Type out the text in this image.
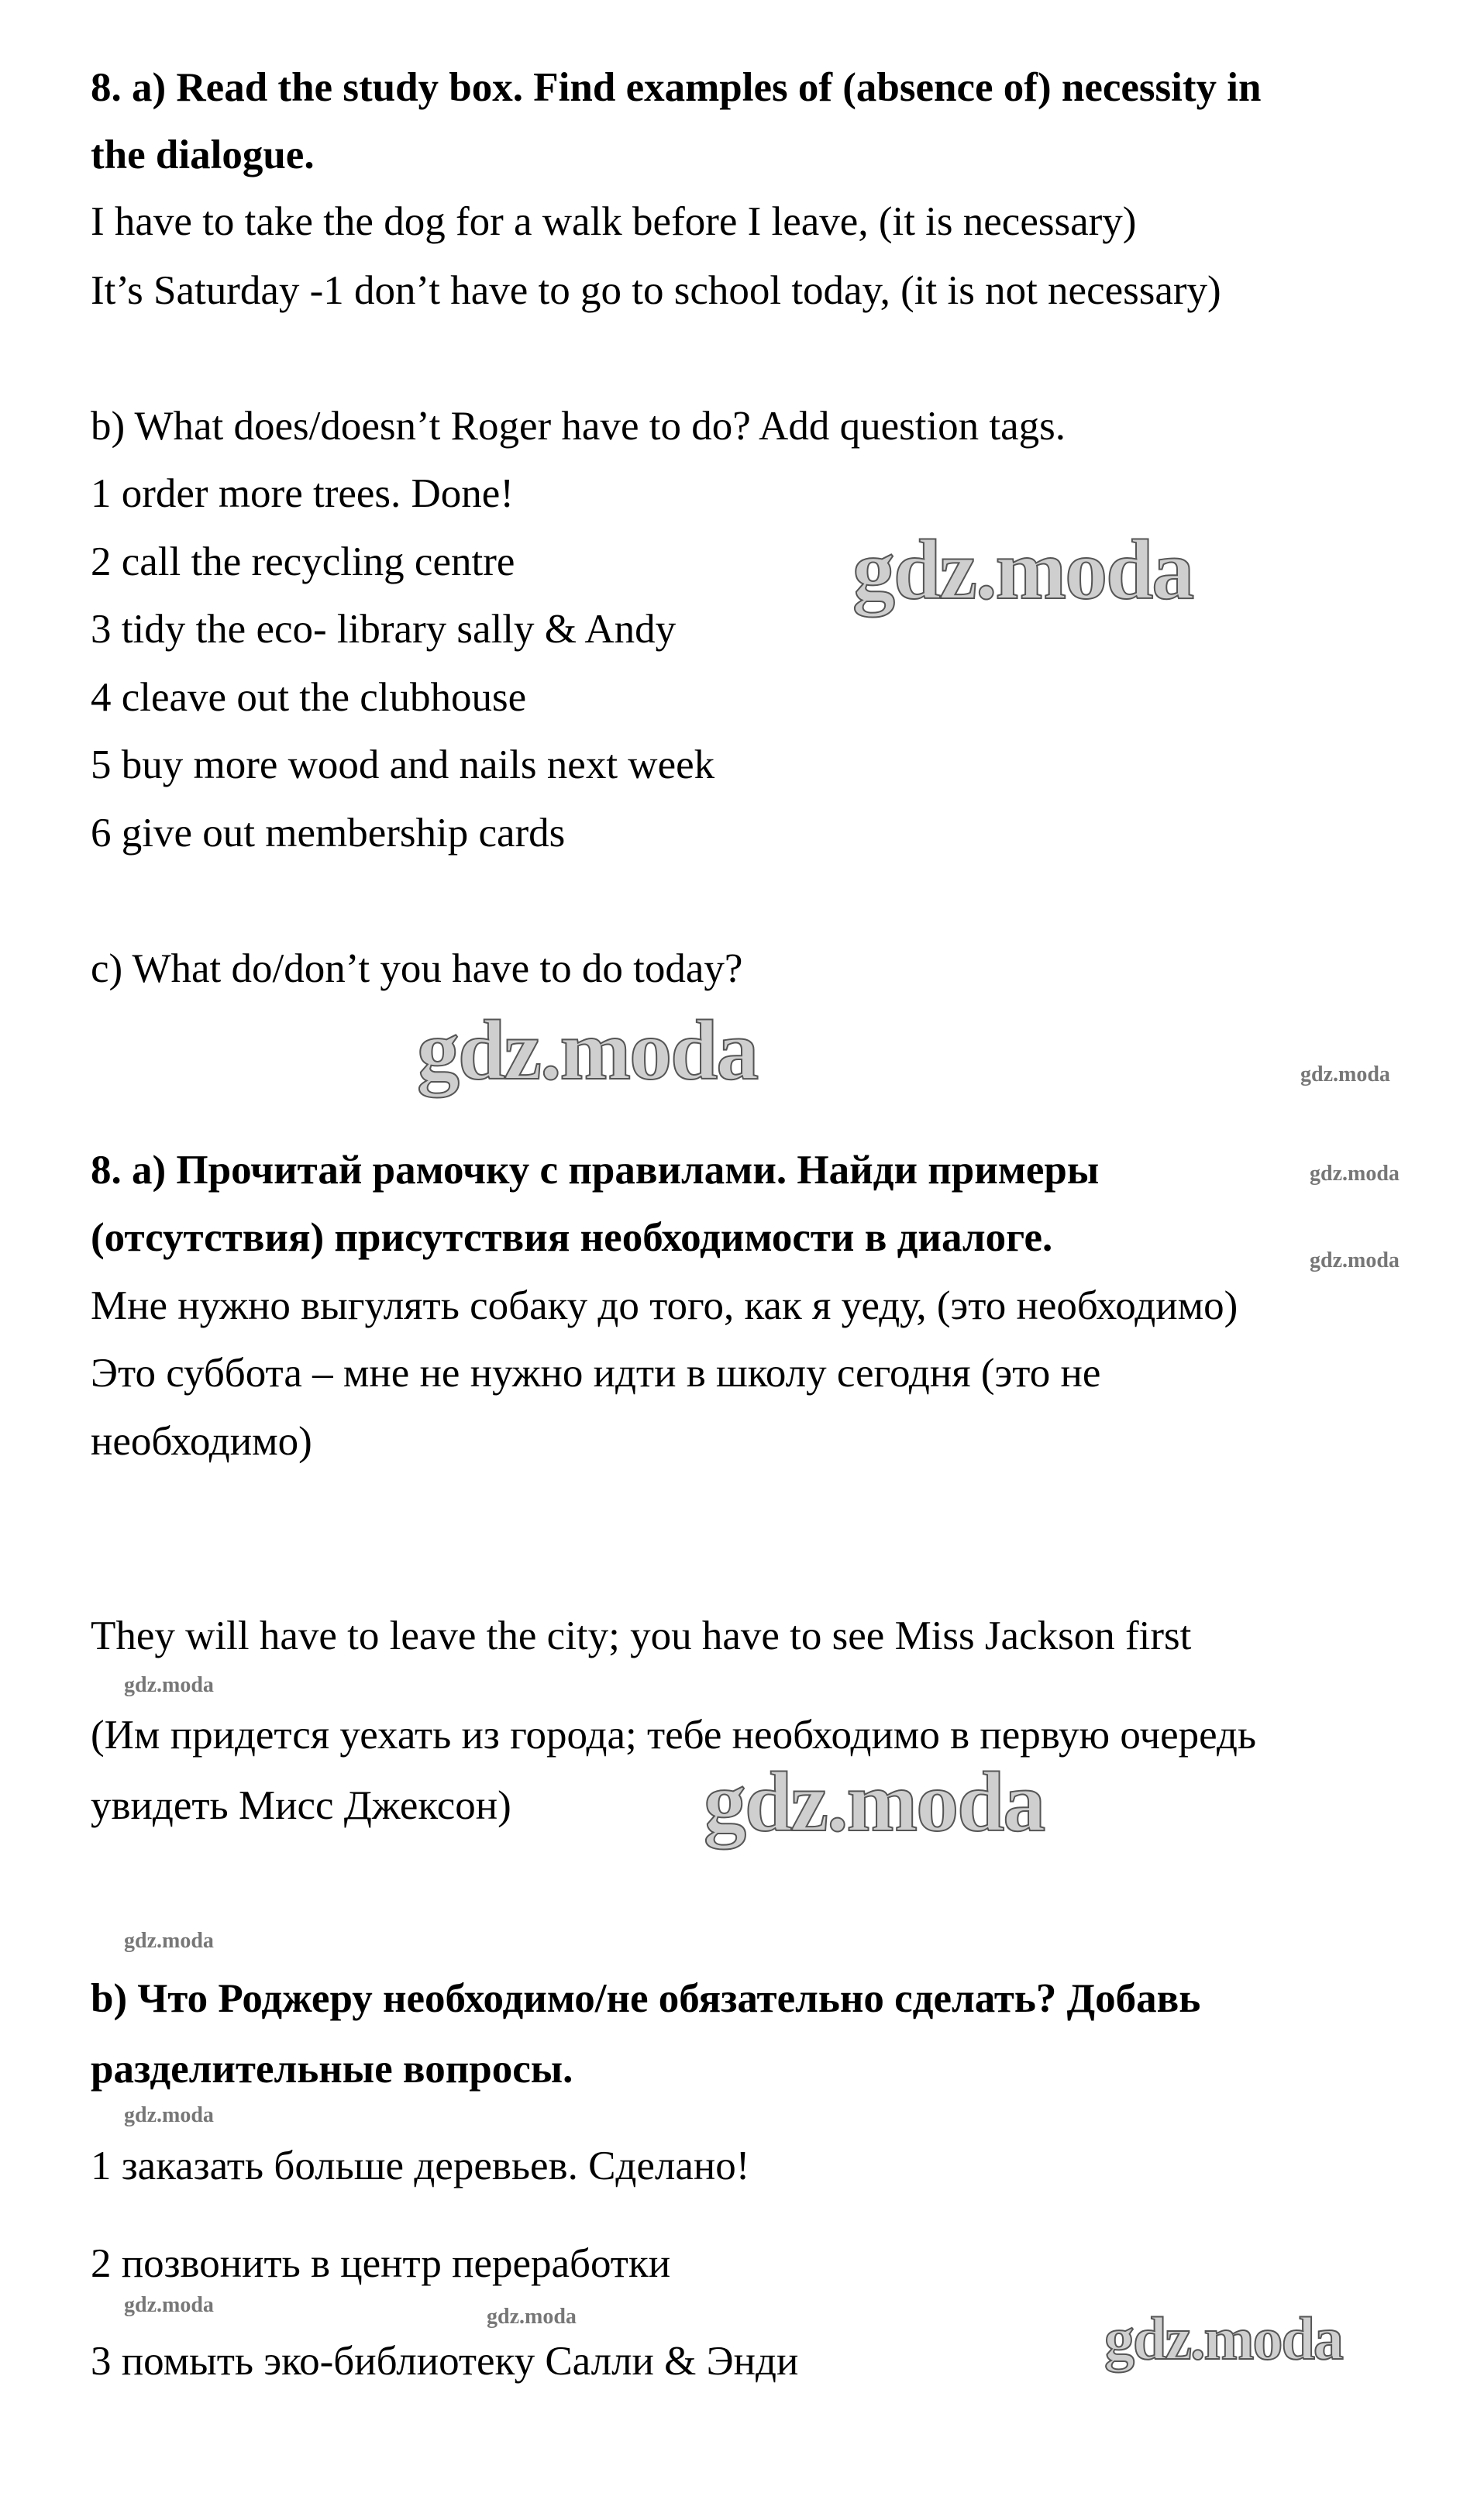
8. a) Read the study box. Find examples of (absence of) necessity in
the dialogue.
I have to take the dog for a walk before I leave, (it is necessary)
It’s Saturday -1 don’t have to go to school today, (it is not necessary)
b) What does/doesn’t Roger have to do? Add question tags.
1 order more trees. Done!
2 call the recycling centre
3 tidy the eco- library sally & Andy
4 cleave out the clubhouse
5 buy more wood and nails next week
6 give out membership cards
c) What do/don’t you have to do today?
8. а) Прочитай рамочку с правилами. Найди примеры
(отсутствия) присутствия необходимости в диалоге.
Мне нужно выгулять собаку до того, как я уеду, (это необходимо)
Это суббота – мне не нужно идти в школу сегодня (это не
необходимо)
They will have to leave the city; you have to see Miss Jackson first
(Им придется уехать из города; тебе необходимо в первую очередь
увидеть Мисс Джексон)
b) Что Роджеру необходимо/не обязательно сделать? Добавь
разделительные вопросы.
1 заказать больше деревьев. Сделано!
2 позвонить в центр переработки
3 помыть эко-библиотеку Салли & Энди
gdz.moda
gdz.moda
gdz.moda
gdz.moda
gdz.moda
gdz.moda
gdz.moda
gdz.moda
gdz.moda
gdz.moda
gdz.moda	gdz.moda
